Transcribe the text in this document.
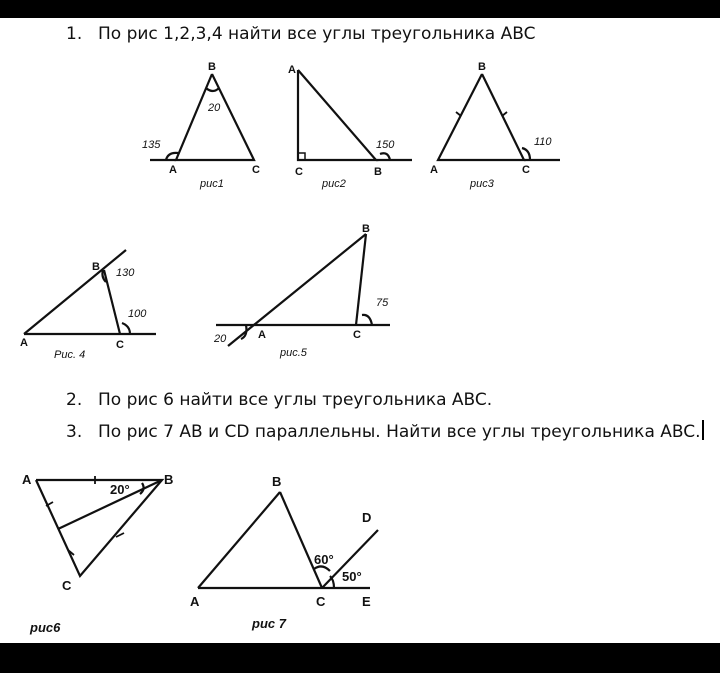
1. По рис 1,2,3,4 найти все углы треугольника ABC
B
A	C
20
135
рис1
A
C	B
150
рис2
B
A	C
110
рис3
B
A	C
130
100
Рис. 4
B
A	C
75
20
рис.5
A	B
C
20°
рис6
B
A	C
D
E
60°
50°
рис 7
2. По рис 6 найти все углы треугольника ABC.
3. По рис 7 AB и CD параллельны. Найти все углы треугольника ABC.
